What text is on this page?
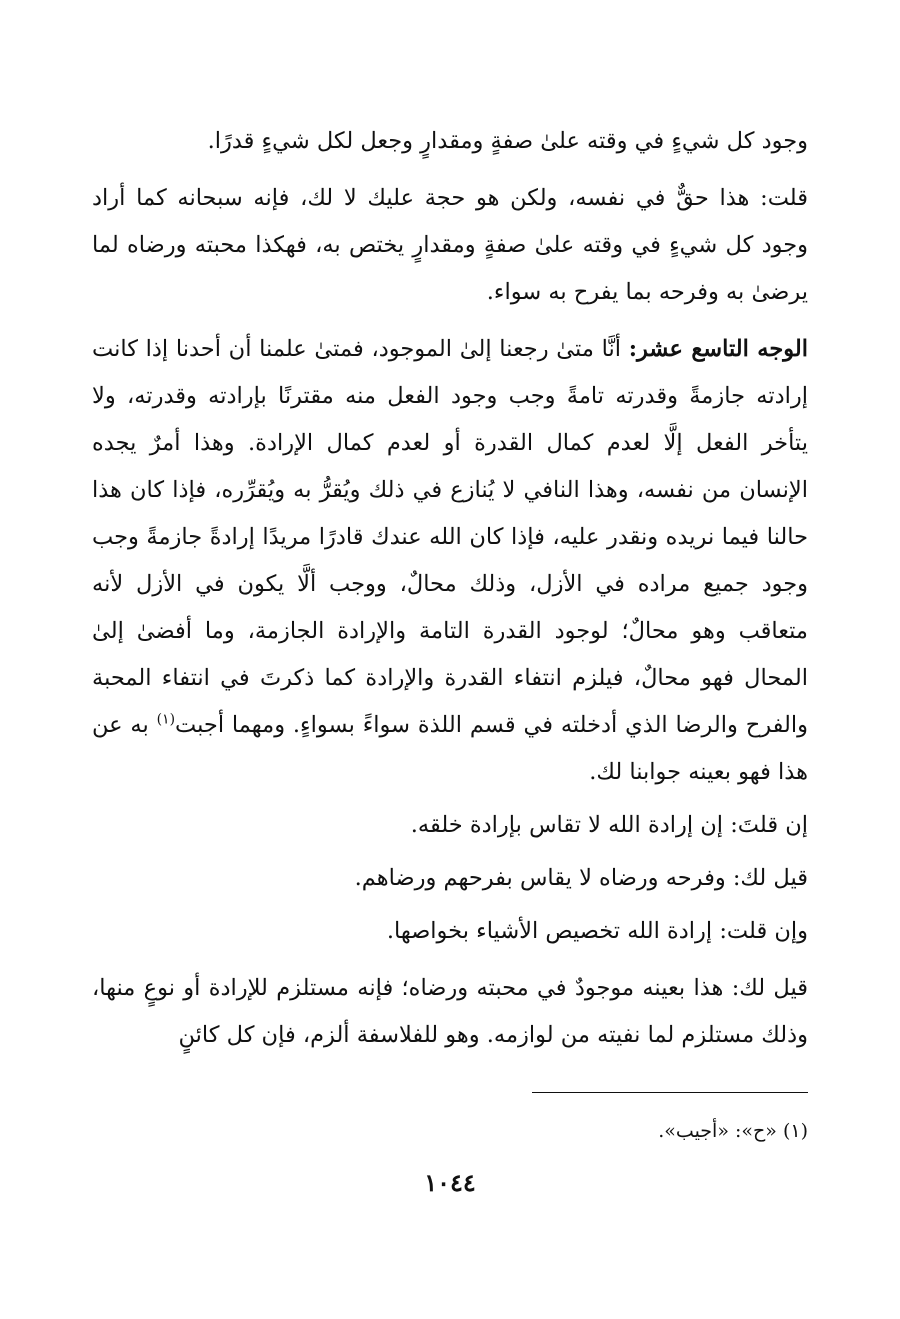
وجود كل شيءٍ في وقته علىٰ صفةٍ ومقدارٍ وجعل لكل شيءٍ قدرًا.

قلت: هذا حقٌّ في نفسه، ولكن هو حجة عليك لا لك، فإنه سبحانه كما أراد وجود كل شيءٍ في وقته علىٰ صفةٍ ومقدارٍ يختص به، فهكذا محبته ورضاه لما يرضىٰ به وفرحه بما يفرح به سواء.

الوجه التاسع عشر: أنَّا متىٰ رجعنا إلىٰ الموجود، فمتىٰ علمنا أن أحدنا إذا كانت إرادته جازمةً وقدرته تامةً وجب وجود الفعل منه مقترنًا بإرادته وقدرته، ولا يتأخر الفعل إلَّا لعدم كمال القدرة أو لعدم كمال الإرادة. وهذا أمرٌ يجده الإنسان من نفسه، وهذا النافي لا يُنازع في ذلك ويُقرُّ به ويُقرِّره، فإذا كان هذا حالنا فيما نريده ونقدر عليه، فإذا كان الله عندك قادرًا مريدًا إرادةً جازمةً وجب وجود جميع مراده في الأزل، وذلك محالٌ، ووجب ألَّا يكون في الأزل لأنه متعاقب وهو محالٌ؛ لوجود القدرة التامة والإرادة الجازمة، وما أفضىٰ إلىٰ المحال فهو محالٌ، فيلزم انتفاء القدرة والإرادة كما ذكرتَ في انتفاء المحبة والفرح والرضا الذي أدخلته في قسم اللذة سواءً بسواءٍ. ومهما أجبت$^{(١)}$ به عن هذا فهو بعينه جوابنا لك.

إن قلتَ: إن إرادة الله لا تقاس بإرادة خلقه.

قيل لك: وفرحه ورضاه لا يقاس بفرحهم ورضاهم.

وإن قلت: إرادة الله تخصيص الأشياء بخواصها.

قيل لك: هذا بعينه موجودٌ في محبته ورضاه؛ فإنه مستلزم للإرادة أو نوعٍ منها، وذلك مستلزم لما نفيته من لوازمه. وهو للفلاسفة ألزم، فإن كل كائنٍ

(١) «ح»: «أجيب».
١٠٤٤
